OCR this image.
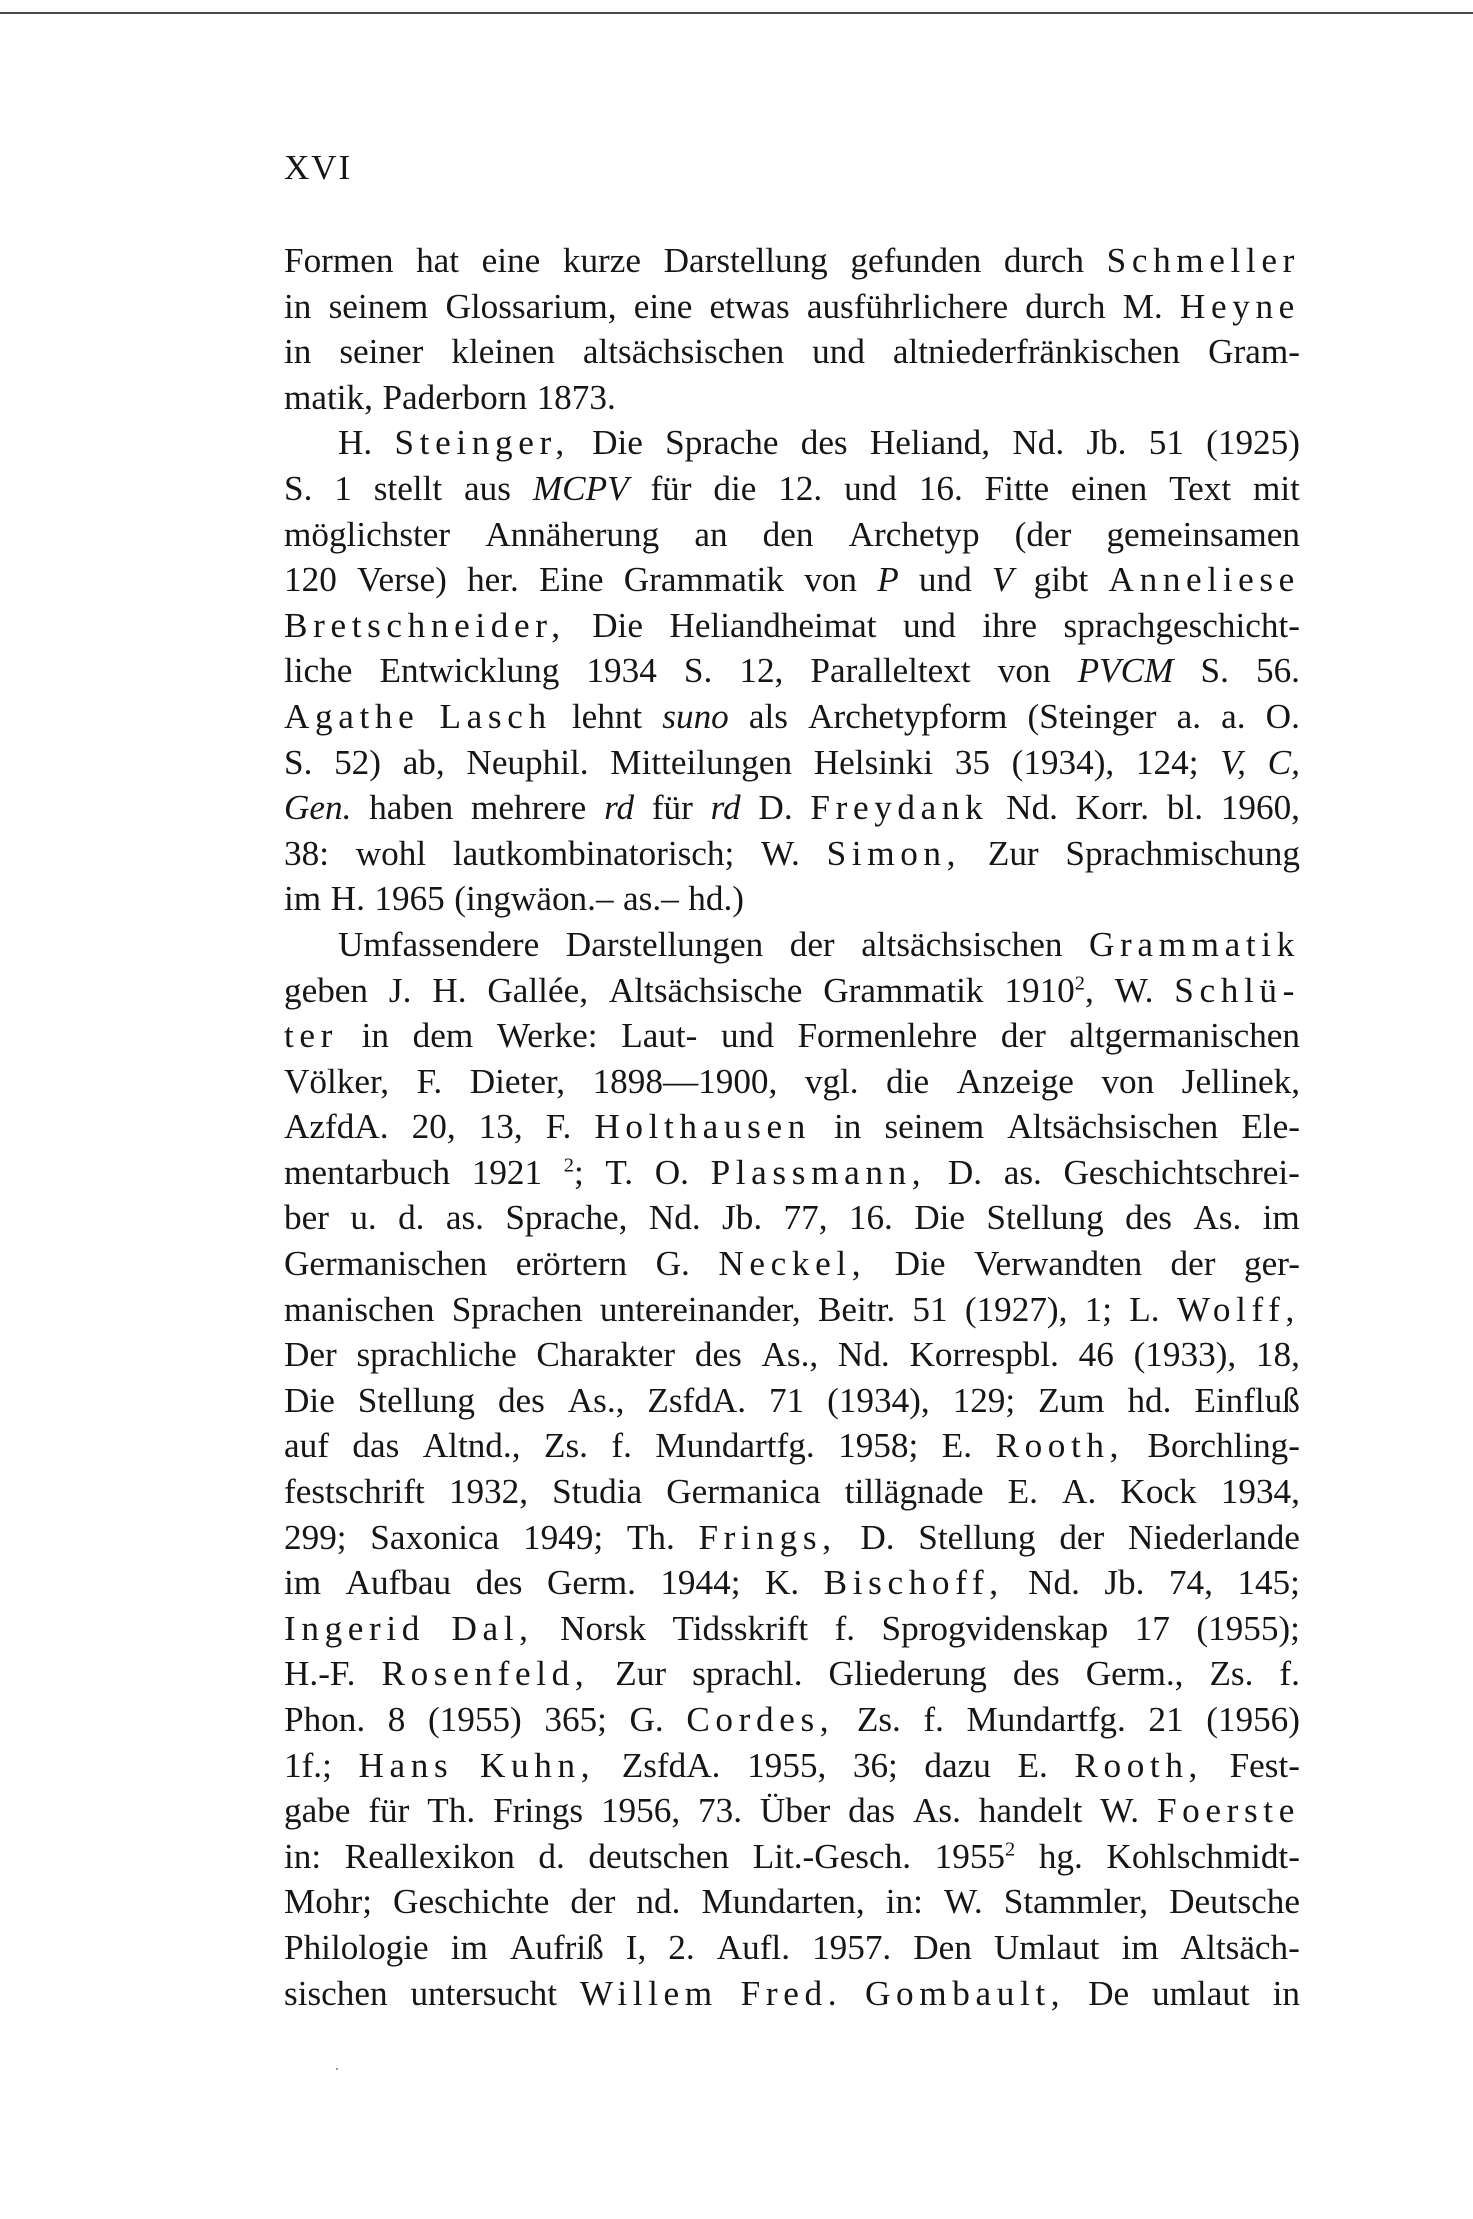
XVI
Formen hat eine kurze Darstellung gefunden durch Schmeller
in seinem Glossarium, eine etwas ausführlichere durch M. Heyne
in seiner kleinen altsächsischen und altniederfränkischen Gram-
matik, Paderborn 1873.
H. Steinger, Die Sprache des Heliand, Nd. Jb. 51 (1925)
S. 1 stellt aus MCPV für die 12. und 16. Fitte einen Text mit
möglichster Annäherung an den Archetyp (der gemeinsamen
120 Verse) her. Eine Grammatik von P und V gibt Anneliese
Bretschneider, Die Heliandheimat und ihre sprachgeschicht-
liche Entwicklung 1934 S. 12, Paralleltext von PVCM S. 56.
Agathe Lasch lehnt suno als Archetypform (Steinger a. a. O.
S. 52) ab, Neuphil. Mitteilungen Helsinki 35 (1934), 124; V, C,
Gen. haben mehrere rd für rd D. Freydank Nd. Korr. bl. 1960,
38: wohl lautkombinatorisch; W. Simon, Zur Sprachmischung
im H. 1965 (ingwäon.– as.– hd.)
Umfassendere Darstellungen der altsächsischen Grammatik
geben J. H. Gallée, Altsächsische Grammatik 1910$^2$, W. Schlü-
ter in dem Werke: Laut- und Formenlehre der altgermanischen
Völker, F. Dieter, 1898—1900, vgl. die Anzeige von Jellinek,
AzfdA. 20, 13, F. Holthausen in seinem Altsächsischen Ele-
mentarbuch 1921 $^2$; T. O. Plassmann, D. as. Geschichtschrei-
ber u. d. as. Sprache, Nd. Jb. 77, 16. Die Stellung des As. im
Germanischen erörtern G. Neckel, Die Verwandten der ger-
manischen Sprachen untereinander, Beitr. 51 (1927), 1; L. Wolff,
Der sprachliche Charakter des As., Nd. Korrespbl. 46 (1933), 18,
Die Stellung des As., ZsfdA. 71 (1934), 129; Zum hd. Einfluß
auf das Altnd., Zs. f. Mundartfg. 1958; E. Rooth, Borchling-
festschrift 1932, Studia Germanica tillägnade E. A. Kock 1934,
299; Saxonica 1949; Th. Frings, D. Stellung der Niederlande
im Aufbau des Germ. 1944; K. Bischoff, Nd. Jb. 74, 145;
Ingerid Dal, Norsk Tidsskrift f. Sprogvidenskap 17 (1955);
H.-F. Rosenfeld, Zur sprachl. Gliederung des Germ., Zs. f.
Phon. 8 (1955) 365; G. Cordes, Zs. f. Mundartfg. 21 (1956)
1f.; Hans Kuhn, ZsfdA. 1955, 36; dazu E. Rooth, Fest-
gabe für Th. Frings 1956, 73. Über das As. handelt W. Foerste
in: Reallexikon d. deutschen Lit.-Gesch. 1955$^2$ hg. Kohlschmidt-
Mohr; Geschichte der nd. Mundarten, in: W. Stammler, Deutsche
Philologie im Aufriß I, 2. Aufl. 1957. Den Umlaut im Altsäch-
sischen untersucht Willem Fred. Gombault, De umlaut in
